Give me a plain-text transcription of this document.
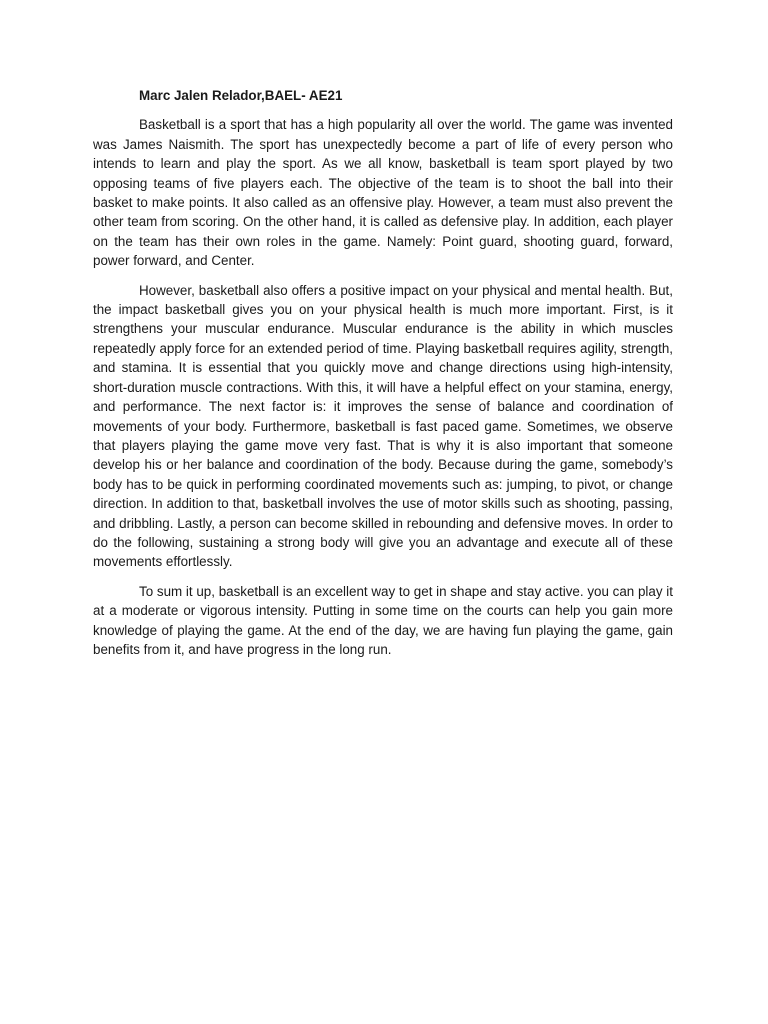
Marc Jalen Relador,BAEL- AE21

Basketball is a sport that has a high popularity all over the world. The game was invented was James Naismith. The sport has unexpectedly become a part of life of every person who intends to learn and play the sport. As we all know, basketball is team sport played by two opposing teams of five players each. The objective of the team is to shoot the ball into their basket to make points. It also called as an offensive play. However, a team must also prevent the other team from scoring. On the other hand, it is called as defensive play. In addition, each player on the team has their own roles in the game. Namely: Point guard, shooting guard, forward, power forward, and Center.

However, basketball also offers a positive impact on your physical and mental health. But, the impact basketball gives you on your physical health is much more important. First, is it strengthens your muscular endurance. Muscular endurance is the ability in which muscles repeatedly apply force for an extended period of time. Playing basketball requires agility, strength, and stamina. It is essential that you quickly move and change directions using high-intensity, short-duration muscle contractions. With this, it will have a helpful effect on your stamina, energy, and performance. The next factor is: it improves the sense of balance and coordination of movements of your body. Furthermore, basketball is fast paced game. Sometimes, we observe that players playing the game move very fast. That is why it is also important that someone develop his or her balance and coordination of the body. Because during the game, somebody’s body has to be quick in performing coordinated movements such as: jumping, to pivot, or change direction. In addition to that, basketball involves the use of motor skills such as shooting, passing, and dribbling. Lastly, a person can become skilled in rebounding and defensive moves. In order to do the following, sustaining a strong body will give you an advantage and execute all of these movements effortlessly.

To sum it up, basketball is an excellent way to get in shape and stay active. you can play it at a moderate or vigorous intensity. Putting in some time on the courts can help you gain more knowledge of playing the game. At the end of the day, we are having fun playing the game, gain benefits from it, and have progress in the long run.
